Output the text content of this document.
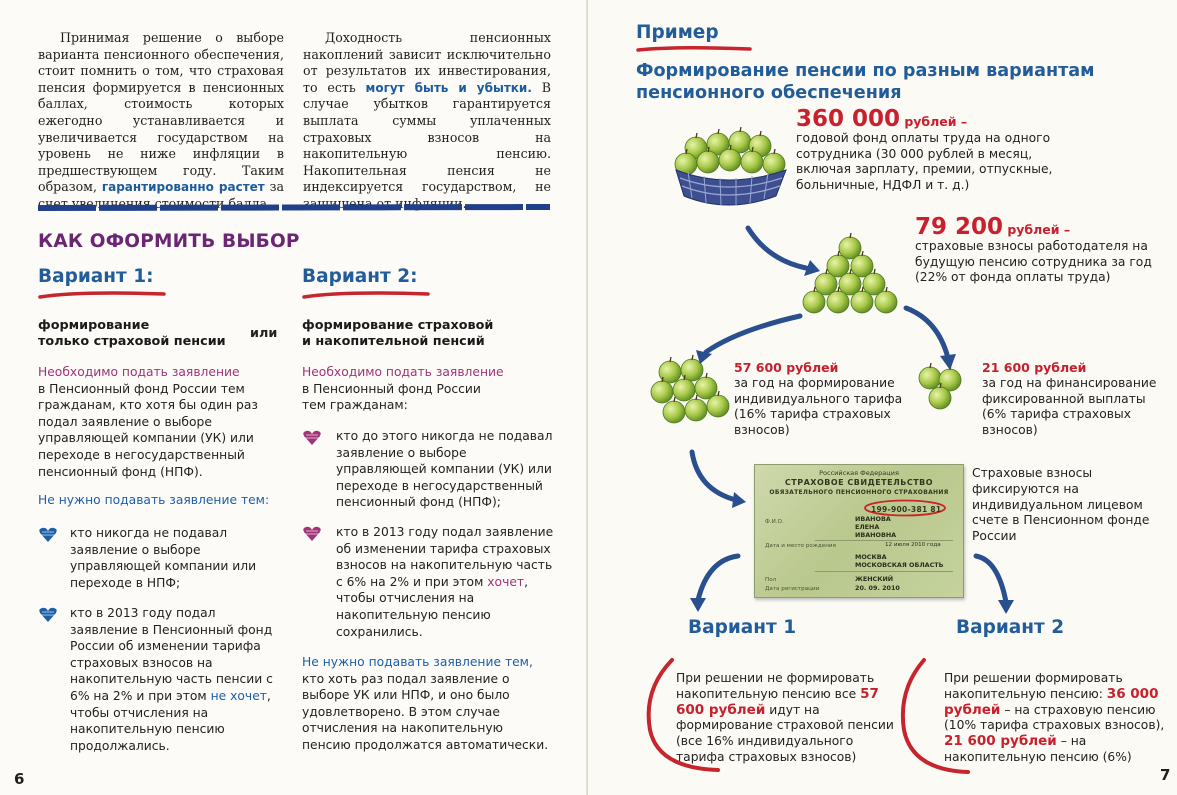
Принимая решение о выборе варианта пенсионного обеспечения, стоит помнить о том, что страховая пенсия формируется в пенсионных баллах, стоимость которых ежегодно устанавливается и увеличивается государством на уровень не ниже инфляции в предшествующем году. Таким образом, гарантированно растет за счет увеличения стоимости балла.

Доходность пенсионных накоплений зависит исключительно от результатов их инвестирования, то есть могут быть и убытки. В случае убытков гарантируется выплата суммы уплаченных страховых взносов на накопительную пенсию. Накопительная пенсия не индексируется государством, не защищена от инфляции.

КАК ОФОРМИТЬ ВЫБОР
Вариант 1:	Вариант 2:
формирование
только страховой пенсии
или
Необходимо подать заявление
в Пенсионный фонд России тем гражданам, кто хотя бы один раз подал заявление о выборе управляющей компании (УК) или переходе в негосударственный пенсионный фонд (НПФ).
Не нужно подавать заявление тем:
кто никогда не подавал заявление о выборе управляющей компании или переходе в НПФ;
кто в 2013 году подал заявление в Пенсионный фонд России об изменении тарифа страховых взносов на накопительную часть пенсии с 6% на 2% и при этом не хочет, чтобы отчисления на накопительную пенсию продолжались.
формирование страховой
и накопительной пенсий
Необходимо подать заявление
в Пенсионный фонд России тем гражданам:
кто до этого никогда не подавал заявление о выборе управляющей компании (УК) или переходе в негосударственный пенсионный фонд (НПФ);
кто в 2013 году подал заявление об изменении тарифа страховых взносов на накопительную часть с 6% на 2% и при этом хочет, чтобы отчисления на накопительную пенсию сохранились.
Не нужно подавать заявление тем,
кто хоть раз подал заявление о выборе УК или НПФ, и оно было удовлетворено. В этом случае отчисления на накопительную пенсию продолжатся автоматически.
6
Пример
Формирование пенсии по разным вариантам
пенсионного обеспечения
360 000 рублей –
годовой фонд оплаты труда на одного сотрудника (30 000 рублей в месяц, включая зарплату, премии, отпускные, больничные, НДФЛ и т. д.)
79 200 рублей –
страховые взносы работодателя на будущую пенсию сотрудника за год (22% от фонда оплаты труда)
57 600 рублей
за год на формирование индивидуального тарифа (16% тарифа страховых взносов)
21 600 рублей
за год на финансирование фиксированной выплаты (6% тарифа страховых взносов)
Российская Федерация
СТРАХОВОЕ СВИДЕТЕЛЬСТВО
ОБЯЗАТЕЛЬНОГО ПЕНСИОННОГО СТРАХОВАНИЯ
199-900-381 81
Ф.И.О.	ИВАНОВА
ЕЛЕНА
ИВАНОВНА
Дата и место рождения	12 июля 2010 года
МОСКВА
МОСКОВСКАЯ ОБЛАСТЬ
Пол	ЖЕНСКИЙ
Дата регистрации	20. 09. 2010
Страховые взносы фиксируются на индивидуальном лицевом счете в Пенсионном фонде России
Вариант 1	Вариант 2
При решении не формировать накопительную пенсию все 57 600 рублей идут на формирование страховой пенсии (все 16% индивидуального тарифа страховых взносов)
При решении формировать накопительную пенсию: 36 000 рублей – на страховую пенсию (10% тарифа страховых взносов), 21 600 рублей – на накопительную пенсию (6%)
7
